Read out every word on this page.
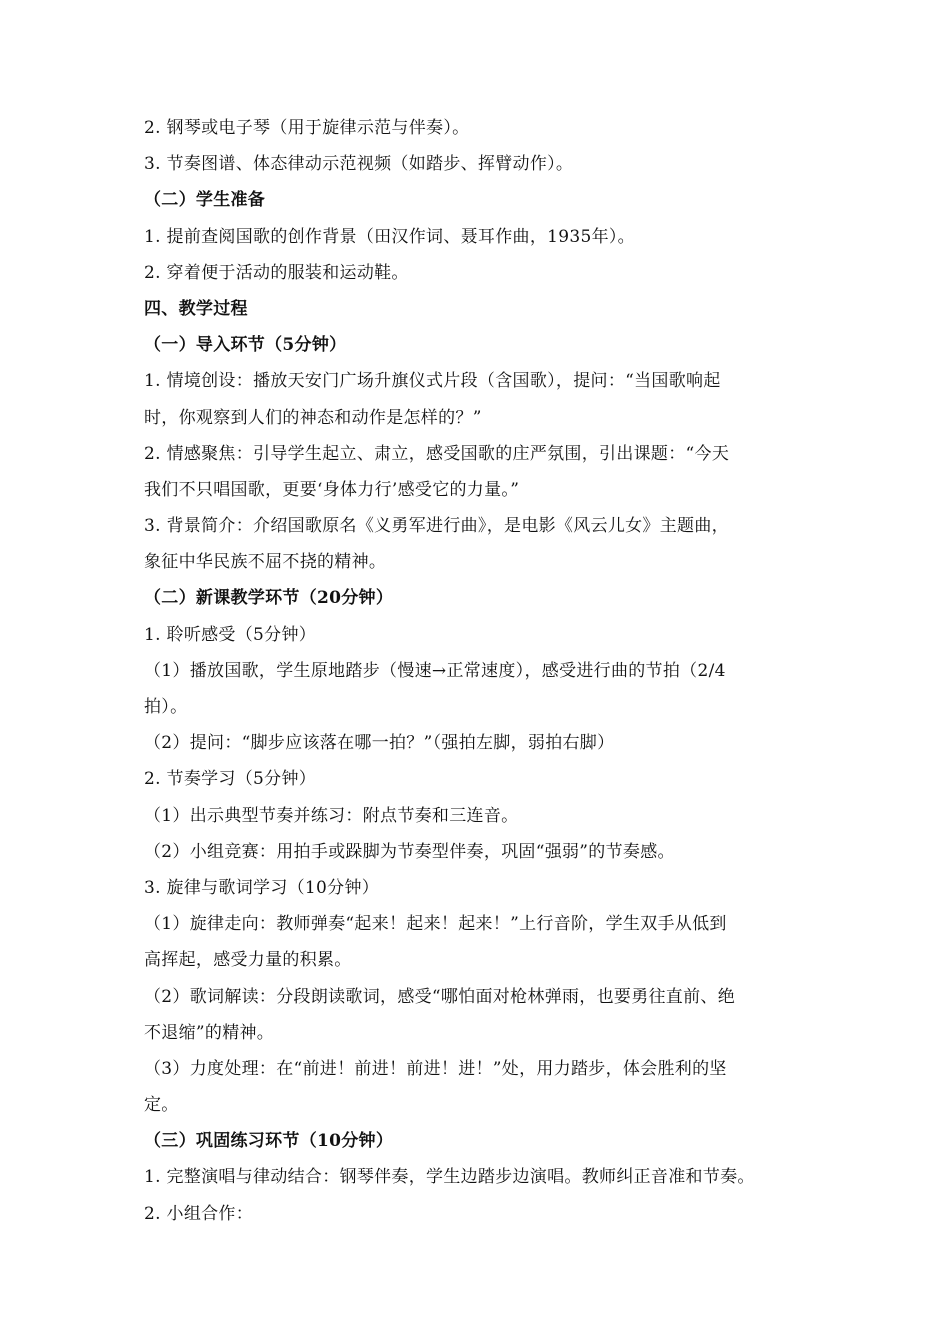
2. 钢琴或电子琴（用于旋律示范与伴奏）。
3. 节奏图谱、体态律动示范视频（如踏步、挥臂动作）。
（二）学生准备
1. 提前查阅国歌的创作背景（田汉作词、聂耳作曲，1935年）。
2. 穿着便于活动的服装和运动鞋。
四、教学过程
（一）导入环节（5分钟）
1. 情境创设：播放天安门广场升旗仪式片段（含国歌），提问：“当国歌响起
时，你观察到人们的神态和动作是怎样的？”
2. 情感聚焦：引导学生起立、肃立，感受国歌的庄严氛围，引出课题：“今天
我们不只唱国歌，更要‘身体力行’感受它的力量。”
3. 背景简介：介绍国歌原名《义勇军进行曲》，是电影《风云儿女》主题曲，
象征中华民族不屈不挠的精神。
（二）新课教学环节（20分钟）
1. 聆听感受（5分钟）
（1）播放国歌，学生原地踏步（慢速→正常速度），感受进行曲的节拍（2/4
拍）。
（2）提问：“脚步应该落在哪一拍？”（强拍左脚，弱拍右脚）
2. 节奏学习（5分钟）
（1）出示典型节奏并练习：附点节奏和三连音。
（2）小组竞赛：用拍手或跺脚为节奏型伴奏，巩固“强弱”的节奏感。
3. 旋律与歌词学习（10分钟）
（1）旋律走向：教师弹奏“起来！起来！起来！”上行音阶，学生双手从低到
高挥起，感受力量的积累。
（2）歌词解读：分段朗读歌词，感受“哪怕面对枪林弹雨，也要勇往直前、绝
不退缩”的精神。
（3）力度处理：在“前进！前进！前进！进！”处，用力踏步，体会胜利的坚
定。
（三）巩固练习环节（10分钟）
1. 完整演唱与律动结合：钢琴伴奏，学生边踏步边演唱。教师纠正音准和节奏。
2. 小组合作：
